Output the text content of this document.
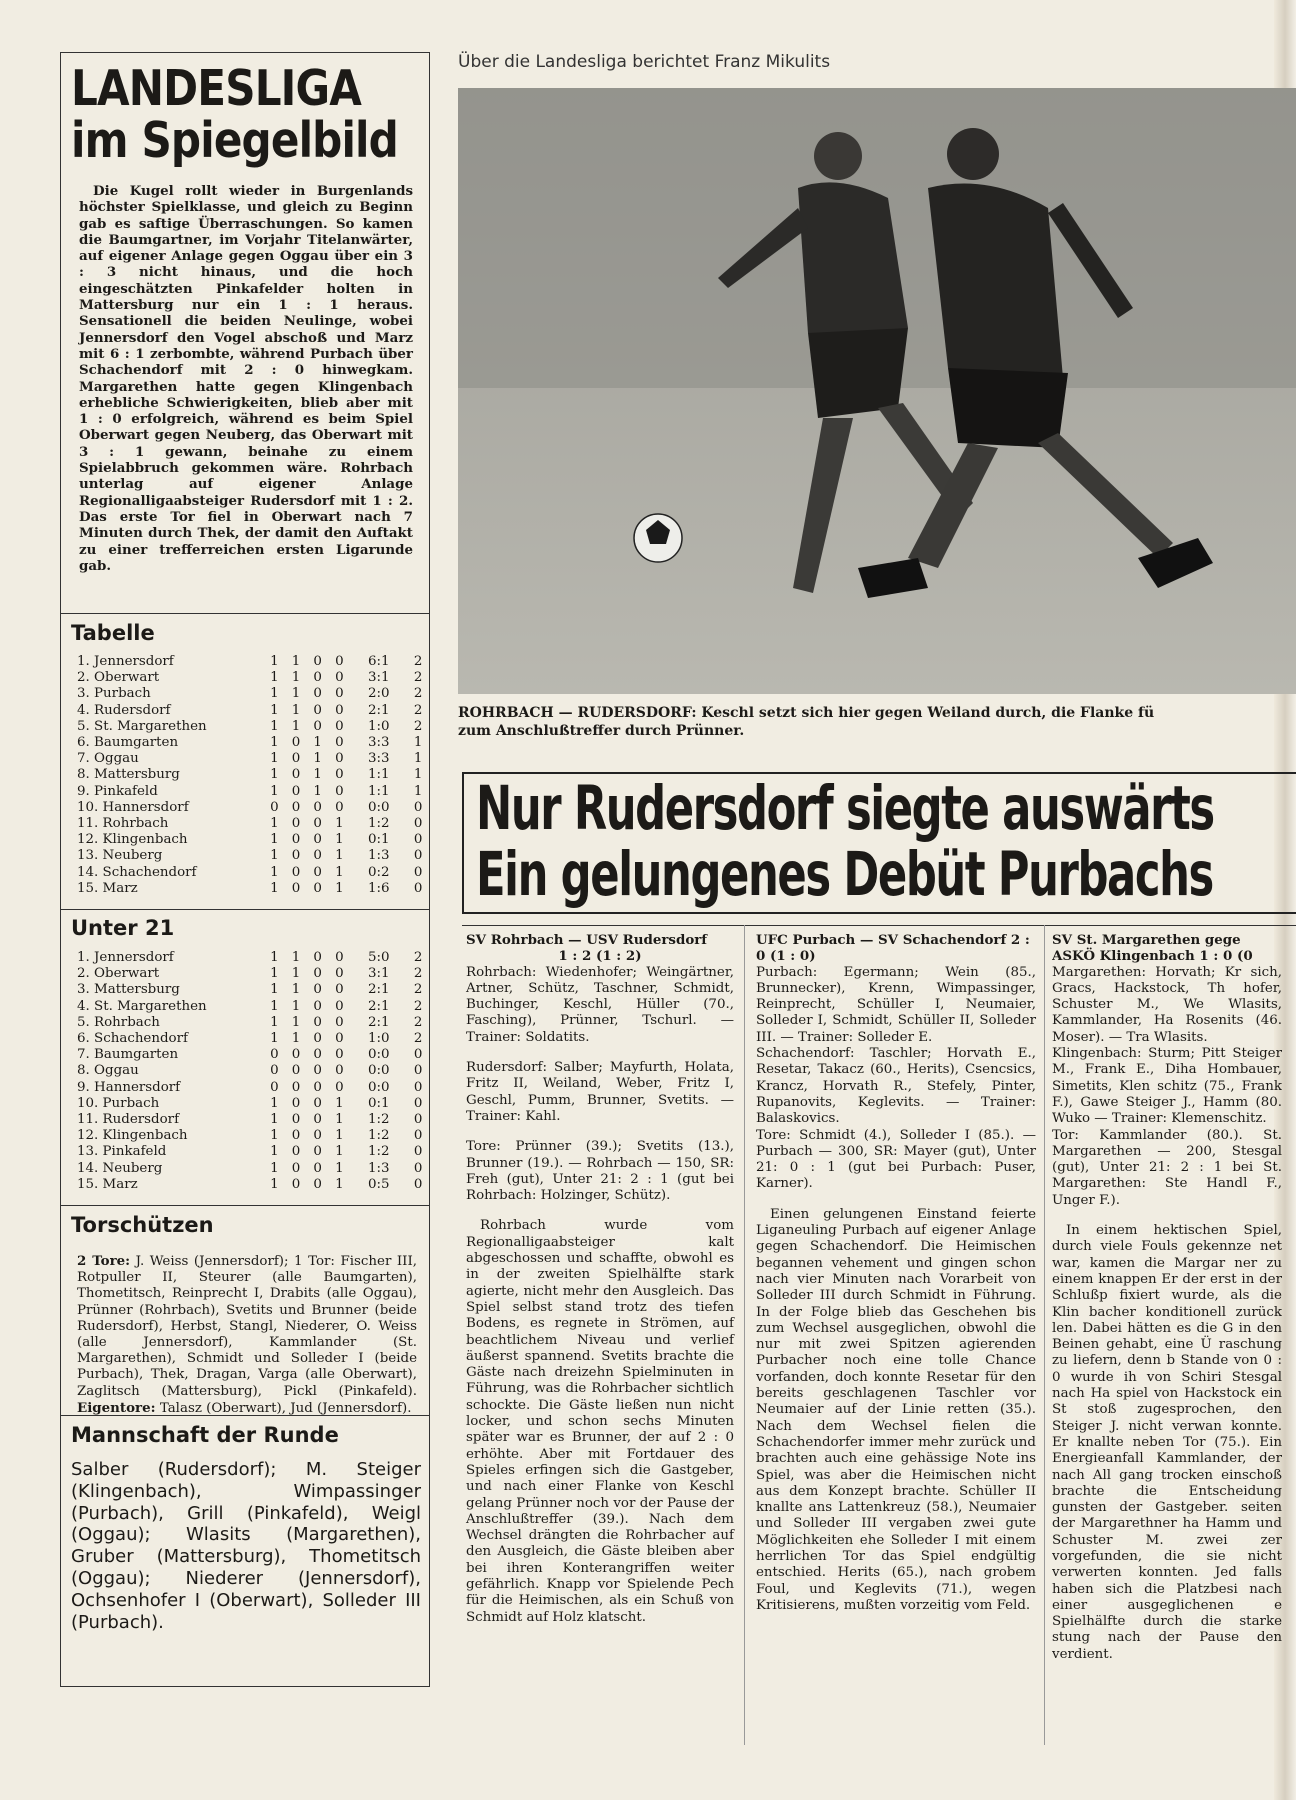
LANDESLIGA
im Spiegelbild

Die Kugel rollt wieder in Burgenlands höchster Spielklasse, und gleich zu Beginn gab es saftige Überraschungen. So kamen die Baumgartner, im Vorjahr Titelanwärter, auf eigener Anlage gegen Oggau über ein 3 : 3 nicht hinaus, und die hoch eingeschätzten Pinkafelder holten in Mattersburg nur ein 1 : 1 heraus. Sensationell die beiden Neulinge, wobei Jennersdorf den Vogel abschoß und Marz mit 6 : 1 zerbombte, während Purbach über Schachendorf mit 2 : 0 hinwegkam. Margarethen hatte gegen Klingenbach erhebliche Schwierigkeiten, blieb aber mit 1 : 0 erfolgreich, während es beim Spiel Oberwart gegen Neuberg, das Oberwart mit 3 : 1 gewann, beinahe zu einem Spielabbruch gekommen wäre. Rohrbach unterlag auf eigener Anlage Regionalligaabsteiger Rudersdorf mit 1 : 2. Das erste Tor fiel in Oberwart nach 7 Minuten durch Thek, der damit den Auftakt zu einer trefferreichen ersten Ligarunde gab.

Tabelle
1. Jennersdorf	1	1	0	0	6:1	2
2. Oberwart	1	1	0	0	3:1	2
3. Purbach	1	1	0	0	2:0	2
4. Rudersdorf	1	1	0	0	2:1	2
5. St. Margarethen	1	1	0	0	1:0	2
6. Baumgarten	1	0	1	0	3:3	1
7. Oggau	1	0	1	0	3:3	1
8. Mattersburg	1	0	1	0	1:1	1
9. Pinkafeld	1	0	1	0	1:1	1
10. Hannersdorf	0	0	0	0	0:0	0
11. Rohrbach	1	0	0	1	1:2	0
12. Klingenbach	1	0	0	1	0:1	0
13. Neuberg	1	0	0	1	1:3	0
14. Schachendorf	1	0	0	1	0:2	0
15. Marz	1	0	0	1	1:6	0
Unter 21
1. Jennersdorf	1	1	0	0	5:0	2
2. Oberwart	1	1	0	0	3:1	2
3. Mattersburg	1	1	0	0	2:1	2
4. St. Margarethen	1	1	0	0	2:1	2
5. Rohrbach	1	1	0	0	2:1	2
6. Schachendorf	1	1	0	0	1:0	2
7. Baumgarten	0	0	0	0	0:0	0
8. Oggau	0	0	0	0	0:0	0
9. Hannersdorf	0	0	0	0	0:0	0
10. Purbach	1	0	0	1	0:1	0
11. Rudersdorf	1	0	0	1	1:2	0
12. Klingenbach	1	0	0	1	1:2	0
13. Pinkafeld	1	0	0	1	1:2	0
14. Neuberg	1	0	0	1	1:3	0
15. Marz	1	0	0	1	0:5	0
Torschützen

2 Tore: J. Weiss (Jennersdorf); 1 Tor: Fischer III, Rotpuller II, Steurer (alle Baumgarten), Thometitsch, Reinprecht I, Drabits (alle Oggau), Prünner (Rohrbach), Svetits und Brunner (beide Rudersdorf), Herbst, Stangl, Niederer, O. Weiss (alle Jennersdorf), Kammlander (St. Margarethen), Schmidt und Solleder I (beide Purbach), Thek, Dragan, Varga (alle Oberwart), Zaglitsch (Mattersburg), Pickl (Pinkafeld). Eigentore: Talasz (Oberwart), Jud (Jennersdorf).

Mannschaft der Runde

Salber (Rudersdorf); M. Steiger (Klingenbach), Wimpassinger (Purbach), Grill (Pinkafeld), Weigl (Oggau); Wlasits (Margarethen), Gruber (Mattersburg), Thometitsch (Oggau); Niederer (Jennersdorf), Ochsenhofer I (Oberwart), Solleder III (Purbach).

Über die Landesliga berichtet Franz Mikulits

ROHRBACH — RUDERSDORF: Keschl setzt sich hier gegen Weiland durch, die Flanke fü
zum Anschlußtreffer durch Prünner.
Nur Rudersdorf siegte auswärts
Ein gelungenes Debüt Purbachs

SV Rohrbach — USV Rudersdorf

1 : 2 (1 : 2)

Rohrbach: Wiedenhofer; Weingärtner, Artner, Schütz, Taschner, Schmidt, Buchinger, Keschl, Hüller (70., Fasching), Prünner, Tschurl. — Trainer: Soldatits.

Rudersdorf: Salber; Mayfurth, Holata, Fritz II, Weiland, Weber, Fritz I, Geschl, Pumm, Brunner, Svetits. — Trainer: Kahl.

Tore: Prünner (39.); Svetits (13.), Brunner (19.). — Rohrbach — 150, SR: Freh (gut), Unter 21: 2 : 1 (gut bei Rohrbach: Holzinger, Schütz).

Rohrbach wurde vom Regionalligaabsteiger kalt abgeschossen und schaffte, obwohl es in der zweiten Spielhälfte stark agierte, nicht mehr den Ausgleich. Das Spiel selbst stand trotz des tiefen Bodens, es regnete in Strömen, auf beachtlichem Niveau und verlief äußerst spannend. Svetits brachte die Gäste nach dreizehn Spielminuten in Führung, was die Rohrbacher sichtlich schockte. Die Gäste ließen nun nicht locker, und schon sechs Minuten später war es Brunner, der auf 2 : 0 erhöhte. Aber mit Fortdauer des Spieles erfingen sich die Gastgeber, und nach einer Flanke von Keschl gelang Prünner noch vor der Pause der Anschlußtreffer (39.). Nach dem Wechsel drängten die Rohrbacher auf den Ausgleich, die Gäste bleiben aber bei ihren Konterangriffen weiter gefährlich. Knapp vor Spielende Pech für die Heimischen, als ein Schuß von Schmidt auf Holz klatscht.

UFC Purbach — SV Schachendorf 2 : 0 (1 : 0)

Purbach: Egermann; Wein (85., Brunnecker), Krenn, Wimpassinger, Reinprecht, Schüller I, Neumaier, Solleder I, Schmidt, Schüller II, Solleder III. — Trainer: Solleder E.

Schachendorf: Taschler; Horvath E., Resetar, Takacz (60., Herits), Csencsics, Krancz, Horvath R., Stefely, Pinter, Rupanovits, Keglevits. — Trainer: Balaskovics.

Tore: Schmidt (4.), Solleder I (85.). — Purbach — 300, SR: Mayer (gut), Unter 21: 0 : 1 (gut bei Purbach: Puser, Karner).

Einen gelungenen Einstand feierte Liganeuling Purbach auf eigener Anlage gegen Schachendorf. Die Heimischen begannen vehement und gingen schon nach vier Minuten nach Vorarbeit von Solleder III durch Schmidt in Führung. In der Folge blieb das Geschehen bis zum Wechsel ausgeglichen, obwohl die nur mit zwei Spitzen agierenden Purbacher noch eine tolle Chance vorfanden, doch konnte Resetar für den bereits geschlagenen Taschler vor Neumaier auf der Linie retten (35.). Nach dem Wechsel fielen die Schachendorfer immer mehr zurück und brachten auch eine gehässige Note ins Spiel, was aber die Heimischen nicht aus dem Konzept brachte. Schüller II knallte ans Lattenkreuz (58.), Neumaier und Solleder III vergaben zwei gute Möglichkeiten ehe Solleder I mit einem herrlichen Tor das Spiel endgültig entschied. Herits (65.), nach grobem Foul, und Keglevits (71.), wegen Kritisierens, mußten vorzeitig vom Feld.

SV St. Margarethen gege ASKÖ Klingenbach 1 : 0 (0

Margarethen: Horvath; Kr sich, Gracs, Hackstock, Th hofer, Schuster M., We Wlasits, Kammlander, Ha Rosenits (46. Moser). — Tra Wlasits.

Klingenbach: Sturm; Pitt Steiger M., Frank E., Diha Hombauer, Simetits, Klen schitz (75., Frank F.), Gawe Steiger J., Hamm (80. Wuko — Trainer: Klemenschitz.

Tor: Kammlander (80.). St. Margarethen — 200, Stesgal (gut), Unter 21: 2 : 1 bei St. Margarethen: Ste Handl F., Unger F.).

In einem hektischen Spiel, durch viele Fouls gekennze net war, kamen die Margar ner zu einem knappen Er der erst in der Schlußp fixiert wurde, als die Klin bacher konditionell zurück len. Dabei hätten es die G in den Beinen gehabt, eine Ü raschung zu liefern, denn b Stande von 0 : 0 wurde ih von Schiri Stesgal nach Ha spiel von Hackstock ein St stoß zugesprochen, den Steiger J. nicht verwan konnte. Er knallte neben Tor (75.). Ein Energieanfall Kammlander, der nach All gang trocken einschoß brachte die Entscheidung gunsten der Gastgeber. seiten der Margarethner ha Hamm und Schuster M. zwei zer vorgefunden, die sie nicht verwerten konnten. Jed falls haben sich die Platzbesi nach einer ausgeglichenen e Spielhälfte durch die starke stung nach der Pause den verdient.
